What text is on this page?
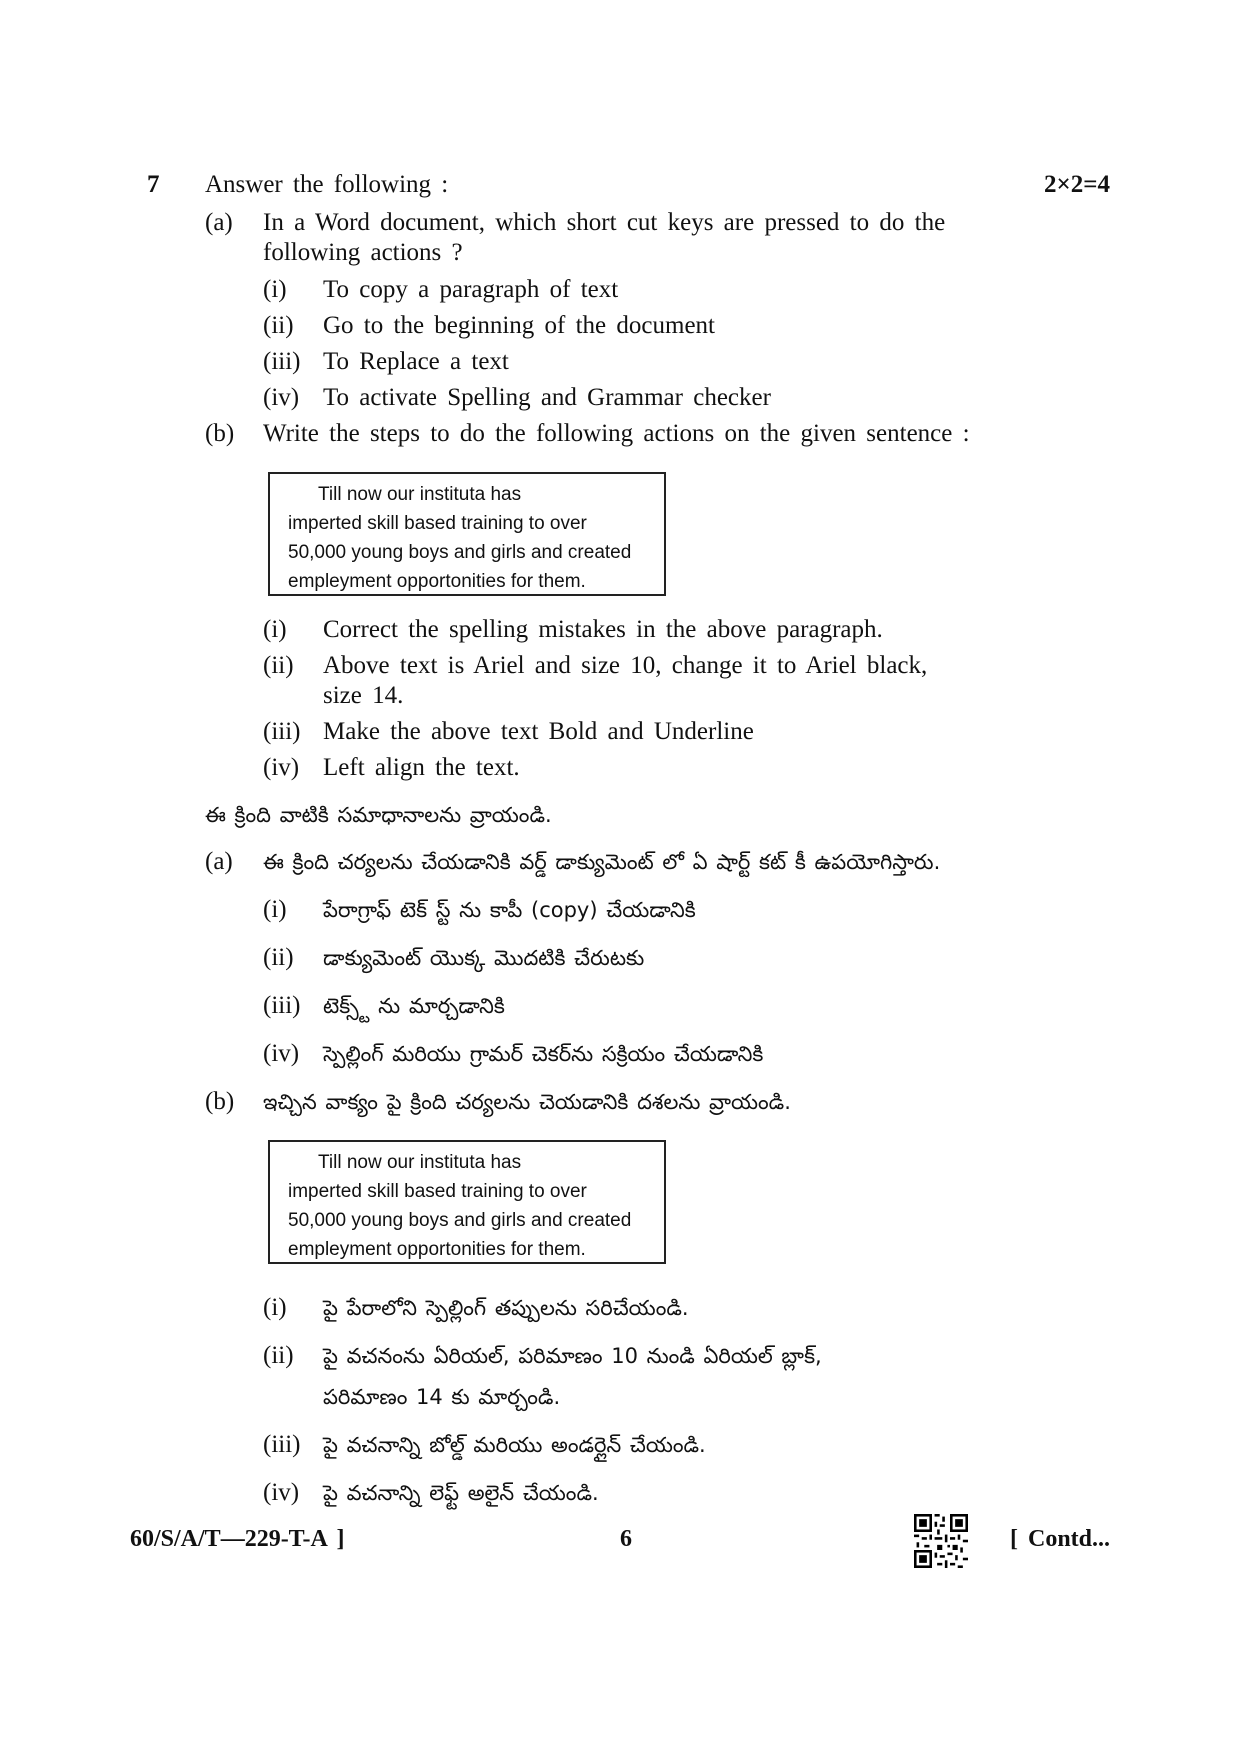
7 Answer the following :	2×2=4
(a) In a Word document, which short cut keys are pressed to do the
following actions ?
(i) To copy a paragraph of text
(ii) Go to the beginning of the document
(iii) To Replace a text
(iv) To activate Spelling and Grammar checker
(b) Write the steps to do the following actions on the given sentence :
Till now our instituta has
imperted skill based training to over
50,000 young boys and girls and created
empleyment opportonities for them.
(i) Correct the spelling mistakes in the above paragraph.
(ii) Above text is Ariel and size 10, change it to Ariel black,
size 14.
(iii) Make the above text Bold and Underline
(iv) Left align the text.
ఈ క్రింది వాటికి సమాధానాలను వ్రాయండి.
(a) ఈ క్రింది చర్యలను చేయడానికి వర్డ్ డాక్యుమెంట్ లో ఏ షార్ట్ కట్ కీ ఉపయోగిస్తారు.
(i) పేరాగ్రాఫ్ టెక్ స్ట్ ను కాపీ (copy) చేయడానికి
(ii) డాక్యుమెంట్ యొక్క మొదటికి చేరుటకు
(iii) టెక్స్ట్ ను మార్చడానికి
(iv) స్పెల్లింగ్ మరియు గ్రామర్ చెకర్‌ను సక్రియం చేయడానికి
(b) ఇచ్చిన వాక్యం పై క్రింది చర్యలను చెయడానికి దశలను వ్రాయండి.
Till now our instituta has
imperted skill based training to over
50,000 young boys and girls and created
empleyment opportonities for them.
(i) పై పేరాలోని స్పెల్లింగ్ తప్పులను సరిచేయండి.
(ii) పై వచనంను ఏరియల్, పరిమాణం 10 నుండి ఏరియల్ బ్లాక్,
పరిమాణం 14 కు మార్చండి.
(iii) పై వచనాన్ని బోల్డ్ మరియు అండర్లైన్ చేయండి.
(iv) పై వచనాన్ని లెఫ్ట్ అలైన్ చేయండి.
60/S/A/T—229-T-A ]	6	[ Contd...
